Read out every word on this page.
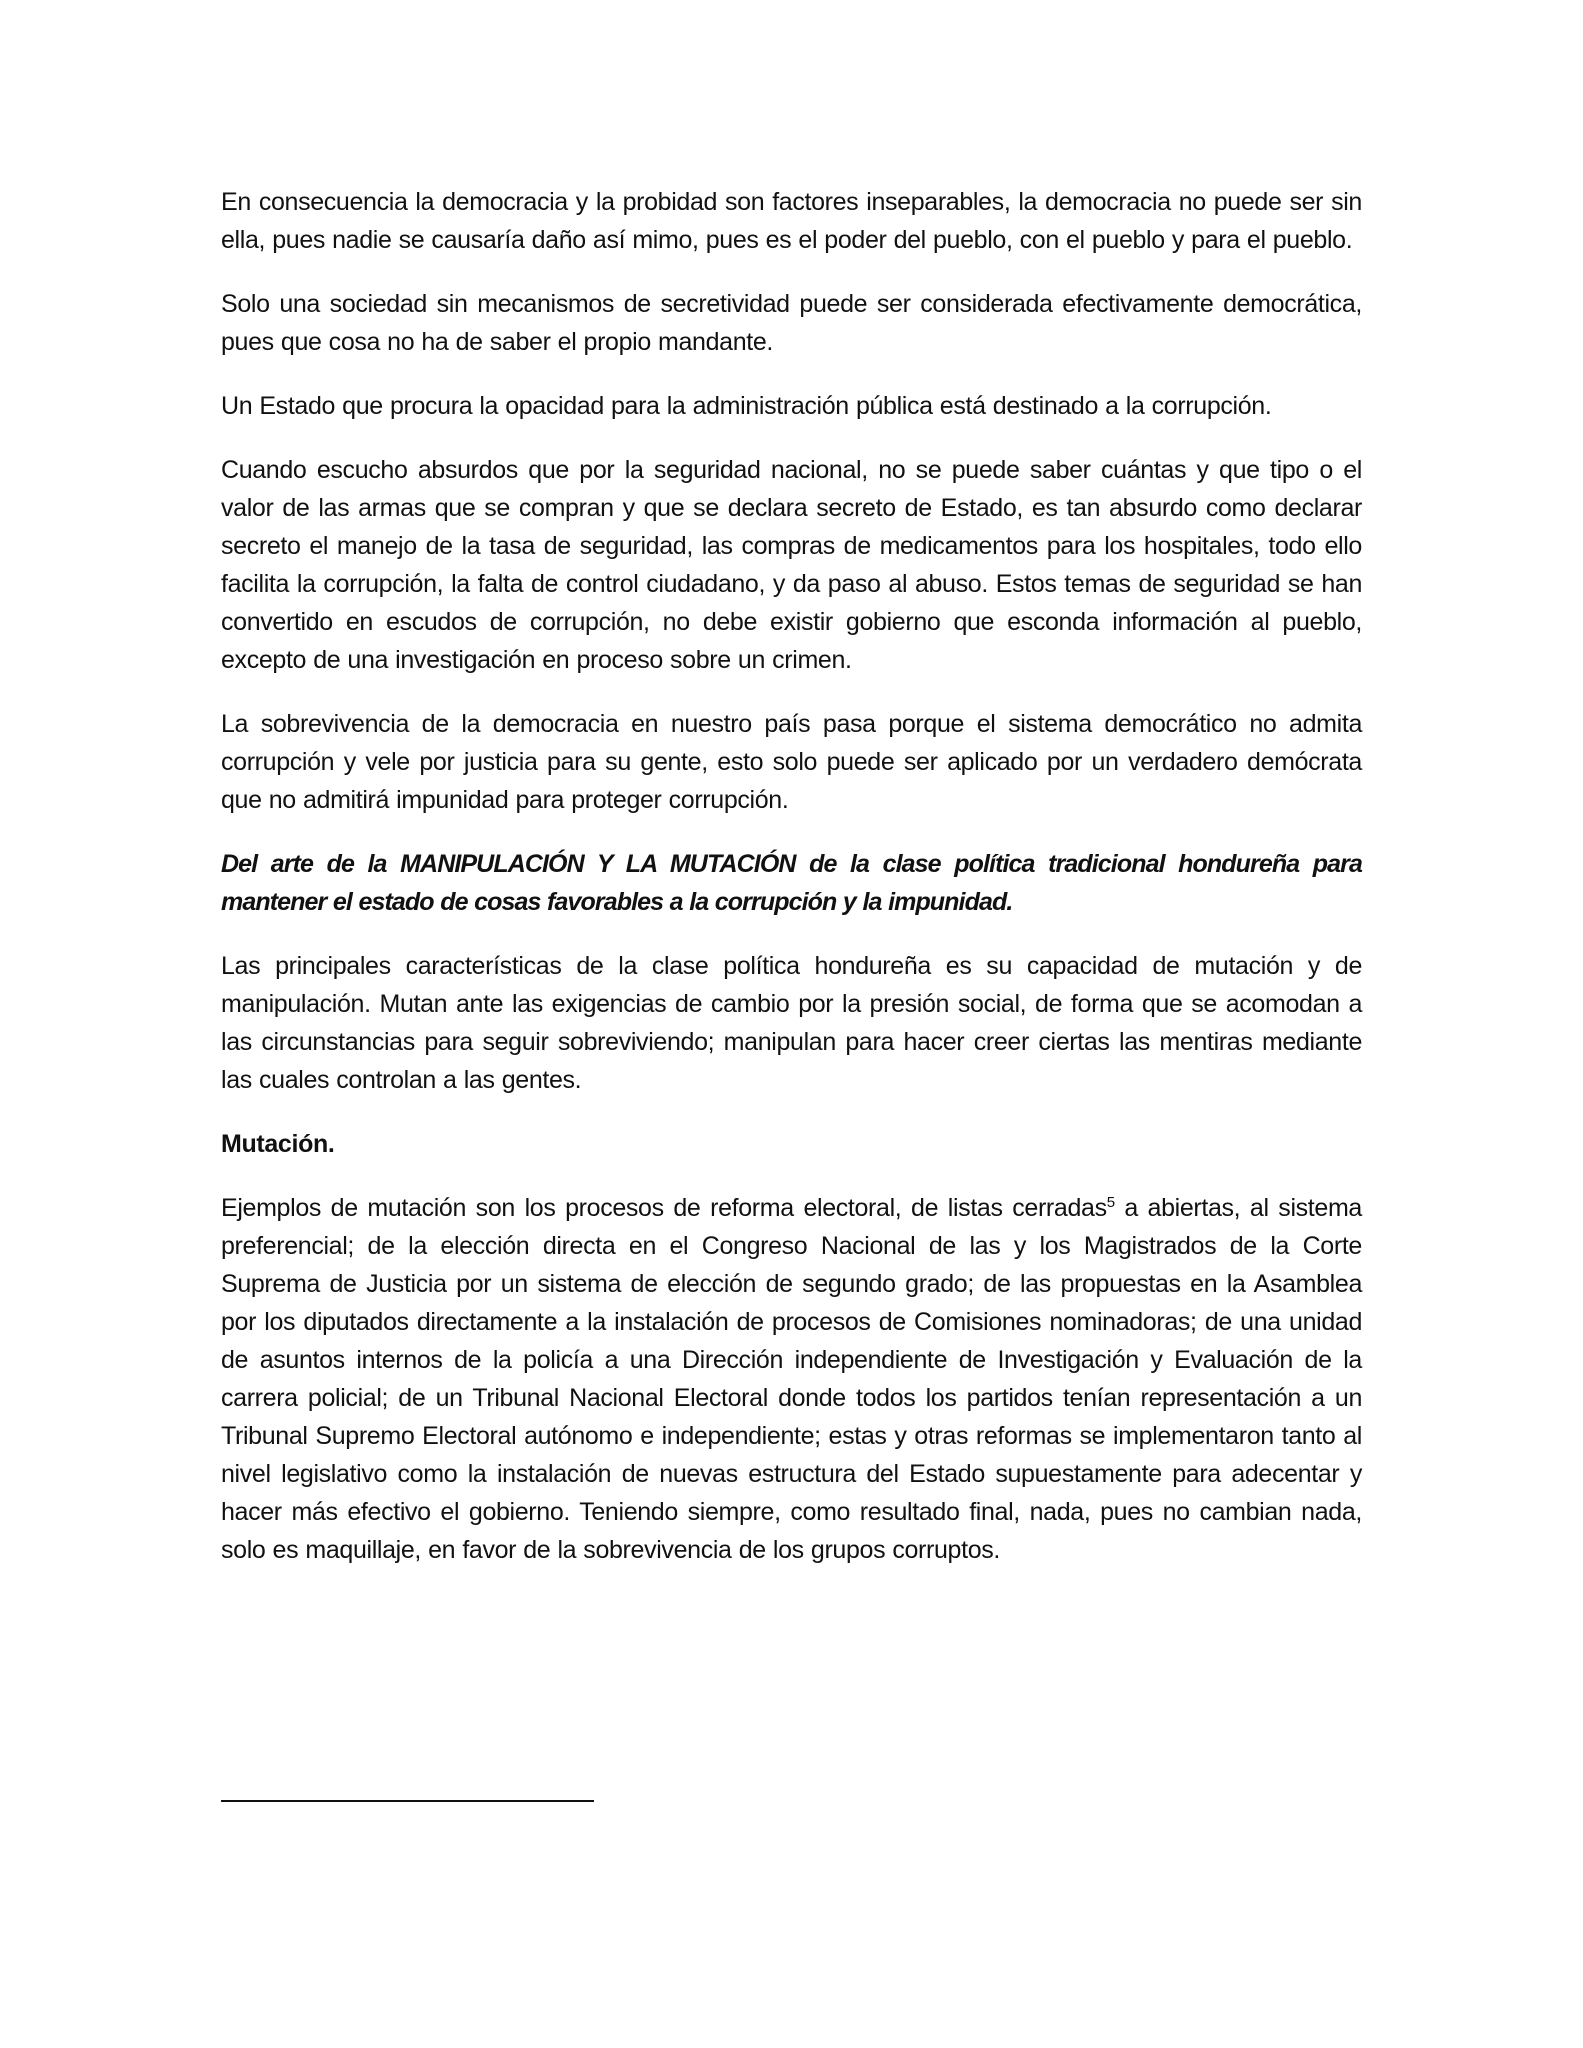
En consecuencia la democracia y la probidad son factores inseparables, la democracia no puede ser sin ella, pues nadie se causaría daño así mimo, pues es el poder del pueblo, con el pueblo y para el pueblo.

Solo una sociedad sin mecanismos de secretividad puede ser considerada efectivamente democrática, pues que cosa no ha de saber el propio mandante.

Un Estado que procura la opacidad para la administración pública está destinado a la corrupción.

Cuando escucho absurdos que por la seguridad nacional, no se puede saber cuántas y que tipo o el valor de las armas que se compran y que se declara secreto de Estado, es tan absurdo como declarar secreto el manejo de la tasa de seguridad, las compras de medicamentos para los hospitales, todo ello facilita la corrupción, la falta de control ciudadano, y da paso al abuso. Estos temas de seguridad se han convertido en escudos de corrupción, no debe existir gobierno que esconda información al pueblo, excepto de una investigación en proceso sobre un crimen.

La sobrevivencia de la democracia en nuestro país pasa porque el sistema democrático no admita corrupción y vele por justicia para su gente, esto solo puede ser aplicado por un verdadero demócrata que no admitirá impunidad para proteger corrupción.

Del arte de la MANIPULACIÓN Y LA MUTACIÓN de la clase política tradicional hondureña para mantener el estado de cosas favorables a la corrupción y la impunidad.

Las principales características de la clase política hondureña es su capacidad de mutación y de manipulación. Mutan ante las exigencias de cambio por la presión social, de forma que se acomodan a las circunstancias para seguir sobreviviendo; manipulan para hacer creer ciertas las mentiras mediante las cuales controlan a las gentes.

Mutación.

Ejemplos de mutación son los procesos de reforma electoral, de listas cerradas$^5$ a abiertas, al sistema preferencial; de la elección directa en el Congreso Nacional de las y los Magistrados de la Corte Suprema de Justicia por un sistema de elección de segundo grado; de las propuestas en la Asamblea por los diputados directamente a la instalación de procesos de Comisiones nominadoras; de una unidad de asuntos internos de la policía a una Dirección independiente de Investigación y Evaluación de la carrera policial; de un Tribunal Nacional Electoral donde todos los partidos tenían representación a un Tribunal Supremo Electoral autónomo e independiente; estas y otras reformas se implementaron tanto al nivel legislativo como la instalación de nuevas estructura del Estado supuestamente para adecentar y hacer más efectivo el gobierno. Teniendo siempre, como resultado final, nada, pues no cambian nada, solo es maquillaje, en favor de la sobrevivencia de los grupos corruptos.
